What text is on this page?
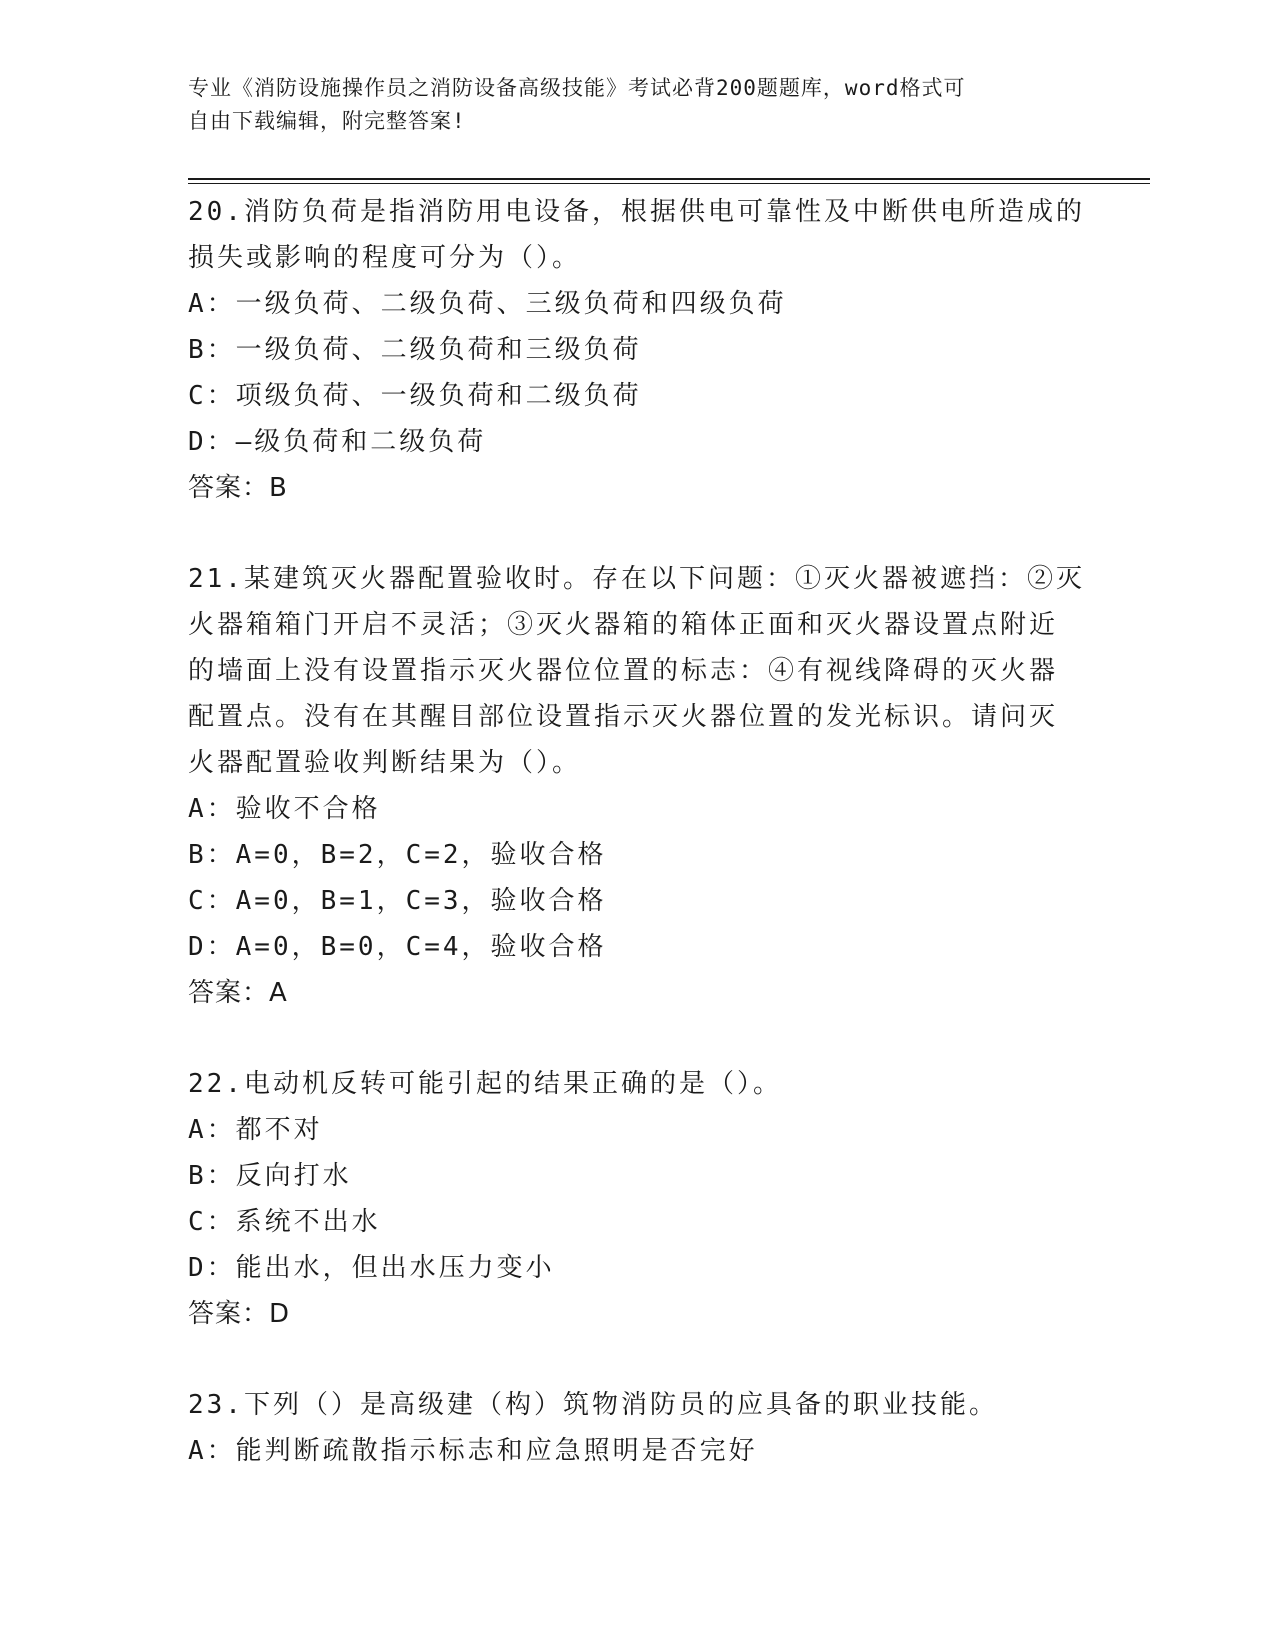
专业《消防设施操作员之消防设备高级技能》考试必背200题题库，word格式可
自由下载编辑，附完整答案!
20.消防负荷是指消防用电设备，根据供电可靠性及中断供电所造成的
损失或影响的程度可分为（）。
A：一级负荷、二级负荷、三级负荷和四级负荷
B：一级负荷、二级负荷和三级负荷
C：项级负荷、一级负荷和二级负荷
D：—级负荷和二级负荷
答案：B
21.某建筑灭火器配置验收时。存在以下问题：①灭火器被遮挡：②灭
火器箱箱门开启不灵活；③灭火器箱的箱体正面和灭火器设置点附近
的墙面上没有设置指示灭火器位位置的标志：④有视线降碍的灭火器
配置点。没有在其醒目部位设置指示灭火器位置的发光标识。请问灭
火器配置验收判断结果为（）。
A：验收不合格
B：A=0，B=2，C=2，验收合格
C：A=0，B=1，C=3，验收合格
D：A=0，B=0，C=4，验收合格
答案：A
22.电动机反转可能引起的结果正确的是（）。
A：都不对
B：反向打水
C：系统不出水
D：能出水，但出水压力变小
答案：D
23.下列（）是高级建（构）筑物消防员的应具备的职业技能。
A：能判断疏散指示标志和应急照明是否完好
